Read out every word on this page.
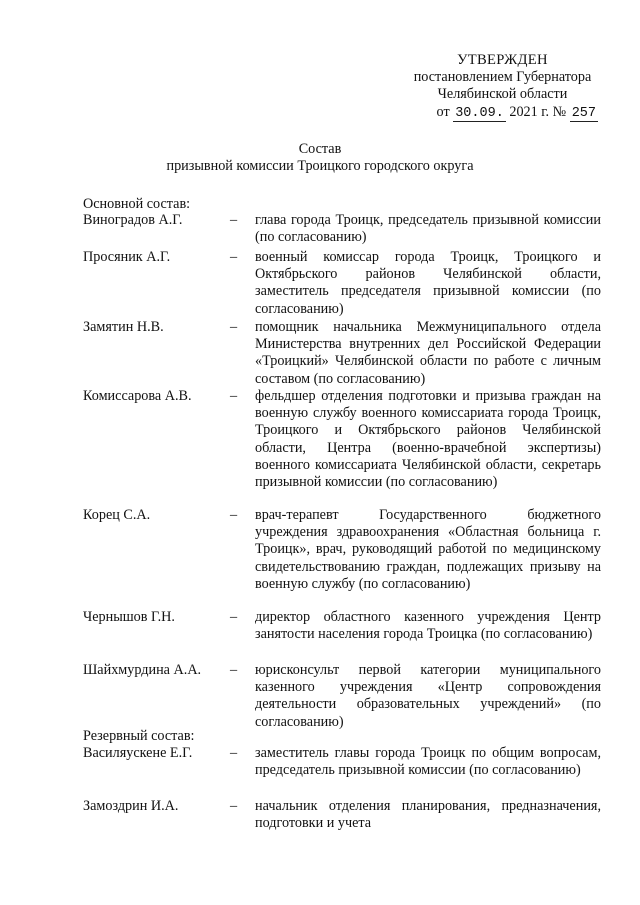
УТВЕРЖДЕН
постановлением Губернатора
Челябинской области
от 30.09. 2021 г. № 257
Состав
призывной комиссии Троицкого городского округа
Основной состав:
Виноградов А.Г.	– глава города Троицк, председатель призывной комиссии (по согласованию)
Просяник А.Г.	– военный комиссар города Троицк, Троицкого и Октябрьского районов Челябинской области, заместитель председателя призывной комиссии (по согласованию)
Замятин Н.В.	– помощник начальника Межмуниципального отдела Министерства внутренних дел Российской Федерации «Троицкий» Челябинской области по работе с личным составом (по согласованию)
Комиссарова А.В.	– фельдшер отделения подготовки и призыва граждан на военную службу военного комиссариата города Троицк, Троицкого и Октябрьского районов Челябинской области, Центра (военно-врачебной экспертизы) военного комиссариата Челябинской области, секретарь призывной комиссии (по согласованию)
Корец С.А.	– врач-терапевт Государственного бюджетного учреждения здравоохранения «Областная больница г. Троицк», врач, руководящий работой по медицинскому свидетельствованию граждан, подлежащих призыву на военную службу (по согласованию)
Чернышов Г.Н.	– директор областного казенного учреждения Центр занятости населения города Троицка (по согласованию)
Шайхмурдина А.А.	– юрисконсульт первой категории муниципального казенного учреждения «Центр сопровождения деятельности образовательных учреждений» (по согласованию)
Резервный состав:
Василяускене Е.Г.	– заместитель главы города Троицк по общим вопросам, председатель призывной комиссии (по согласованию)
Замоздрин И.А.	– начальник отделения планирования, предназначения, подготовки и учета
